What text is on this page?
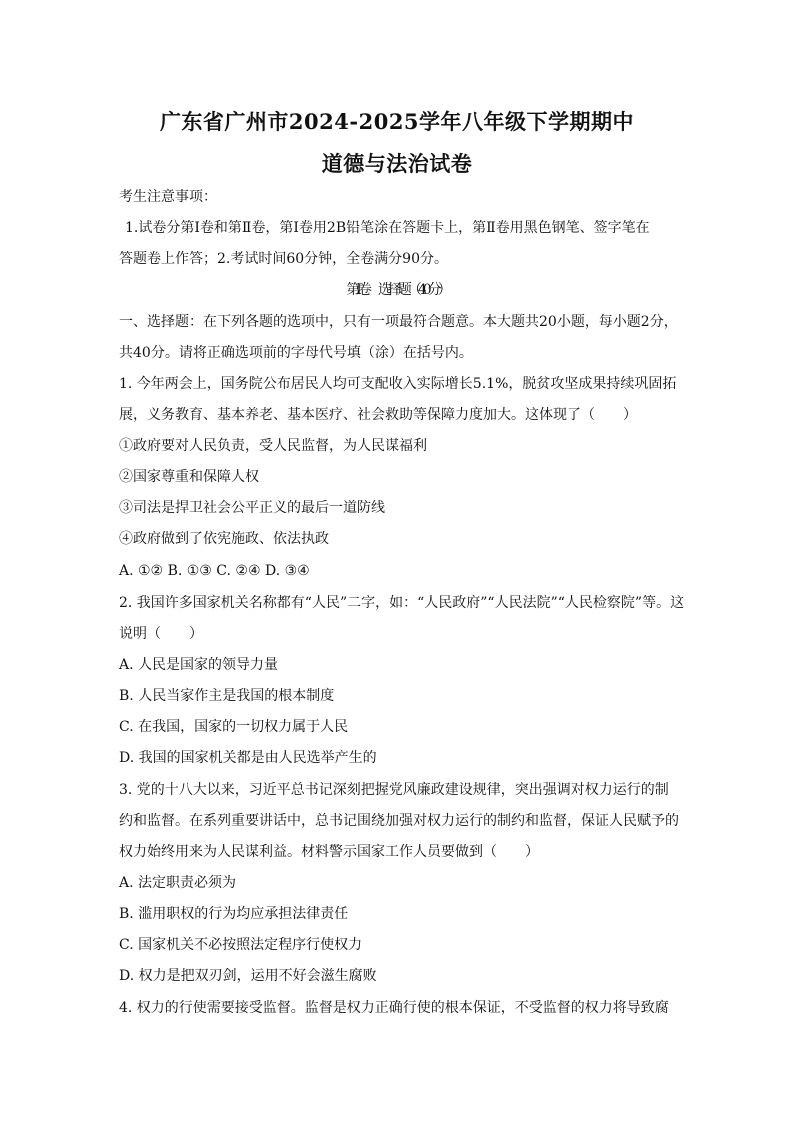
广东省广州市2024-2025学年八年级下学期期中
道德与法治试卷
考生注意事项：
1.试卷分第Ⅰ卷和第Ⅱ卷，第Ⅰ卷用2B铅笔涂在答题卡上，第Ⅱ卷用黑色钢笔、签字笔在
答题卷上作答；2.考试时间60分钟，全卷满分90分。
第Ⅰ卷　选择题（40分）
一、选择题：在下列各题的选项中，只有一项最符合题意。本大题共20小题，每小题2分，
共40分。请将正确选项前的字母代号填（涂）在括号内。
1. 今年两会上，国务院公布居民人均可支配收入实际增长5.1%，脱贫攻坚成果持续巩固拓
展，义务教育、基本养老、基本医疗、社会救助等保障力度加大。这体现了（　　）
①政府要对人民负责，受人民监督，为人民谋福利
②国家尊重和保障人权
③司法是捍卫社会公平正义的最后一道防线
④政府做到了依宪施政、依法执政
A. ①② B. ①③ C. ②④ D. ③④
2. 我国许多国家机关名称都有“人民”二字，如：“人民政府”“人民法院”“人民检察院”等。这
说明（　　）
A. 人民是国家的领导力量
B. 人民当家作主是我国的根本制度
C. 在我国，国家的一切权力属于人民
D. 我国的国家机关都是由人民选举产生的
3. 党的十八大以来，习近平总书记深刻把握党风廉政建设规律，突出强调对权力运行的制
约和监督。在系列重要讲话中，总书记围绕加强对权力运行的制约和监督，保证人民赋予的
权力始终用来为人民谋利益。材料警示国家工作人员要做到（　　）
A. 法定职责必须为
B. 滥用职权的行为均应承担法律责任
C. 国家机关不必按照法定程序行使权力
D. 权力是把双刃剑，运用不好会滋生腐败
4. 权力的行使需要接受监督。监督是权力正确行使的根本保证，不受监督的权力将导致腐
